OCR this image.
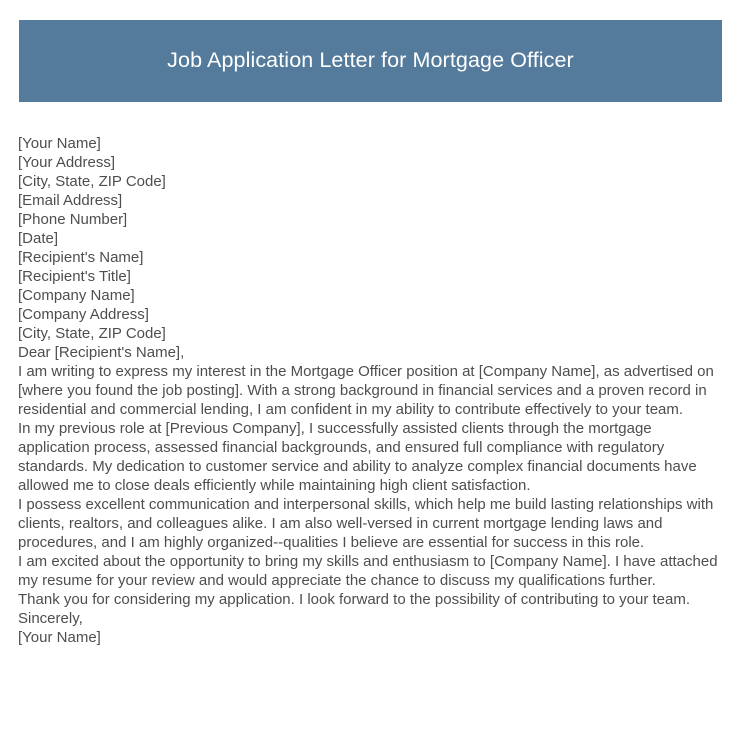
Job Application Letter for Mortgage Officer
[Your Name]
[Your Address]
[City, State, ZIP Code]
[Email Address]
[Phone Number]
[Date]
[Recipient's Name]
[Recipient's Title]
[Company Name]
[Company Address]
[City, State, ZIP Code]
Dear [Recipient's Name],
I am writing to express my interest in the Mortgage Officer position at [Company Name], as advertised on [where you found the job posting]. With a strong background in financial services and a proven record in residential and commercial lending, I am confident in my ability to contribute effectively to your team.
In my previous role at [Previous Company], I successfully assisted clients through the mortgage application process, assessed financial backgrounds, and ensured full compliance with regulatory standards. My dedication to customer service and ability to analyze complex financial documents have allowed me to close deals efficiently while maintaining high client satisfaction.
I possess excellent communication and interpersonal skills, which help me build lasting relationships with clients, realtors, and colleagues alike. I am also well-versed in current mortgage lending laws and procedures, and I am highly organized--qualities I believe are essential for success in this role.
I am excited about the opportunity to bring my skills and enthusiasm to [Company Name]. I have attached my resume for your review and would appreciate the chance to discuss my qualifications further.
Thank you for considering my application. I look forward to the possibility of contributing to your team.
Sincerely,
[Your Name]
